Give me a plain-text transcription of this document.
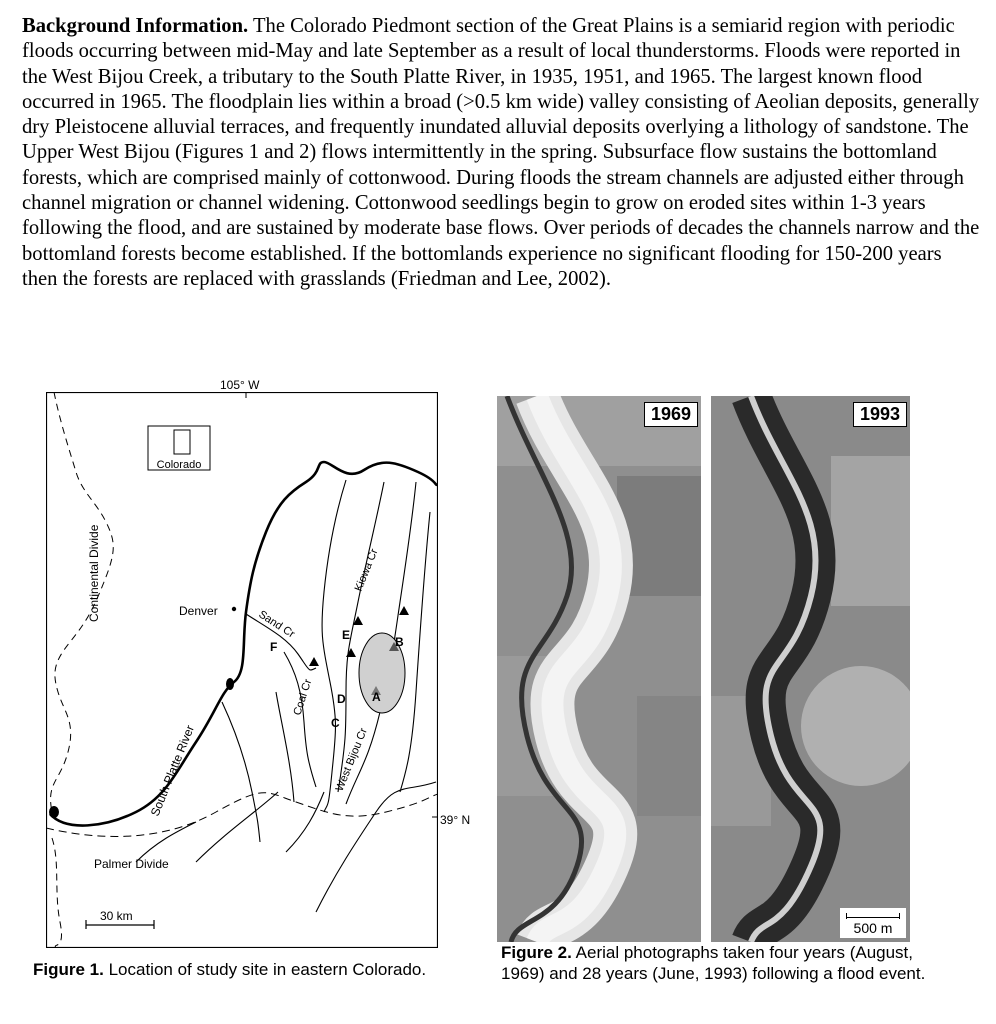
Background Information. The Colorado Piedmont section of the Great Plains is a semiarid region with periodic floods occurring between mid-May and late September as a result of local thunderstorms. Floods were reported in the West Bijou Creek, a tributary to the South Platte River, in 1935, 1951, and 1965. The largest known flood occurred in 1965. The floodplain lies within a broad (>0.5 km wide) valley consisting of Aeolian deposits, generally dry Pleistocene alluvial terraces, and frequently inundated alluvial deposits overlying a lithology of sandstone. The Upper West Bijou (Figures 1 and 2) flows intermittently in the spring. Subsurface flow sustains the bottomland forests, which are comprised mainly of cottonwood. During floods the stream channels are adjusted either through channel migration or channel widening. Cottonwood seedlings begin to grow on eroded sites within 1-3 years following the flood, and are sustained by moderate base flows. Over periods of decades the channels narrow and the bottomland forests become established. If the bottomlands experience no significant flooding for 150-200 years then the forests are replaced with grasslands (Friedman and Lee, 2002).

Colorado
Continental Divide
South Platte River
Sand Cr
Coal Cr
Kiowa Cr
West Bijou Cr
Palmer Divide
Denver
A
B
C
D
E
F
30 km
105° W
39° N

Figure 1. Location of study site in eastern Colorado.

1969	1993
500 m

Figure 2. Aerial photographs taken four years (August, 1969) and 28 years (June, 1993) following a flood event.
